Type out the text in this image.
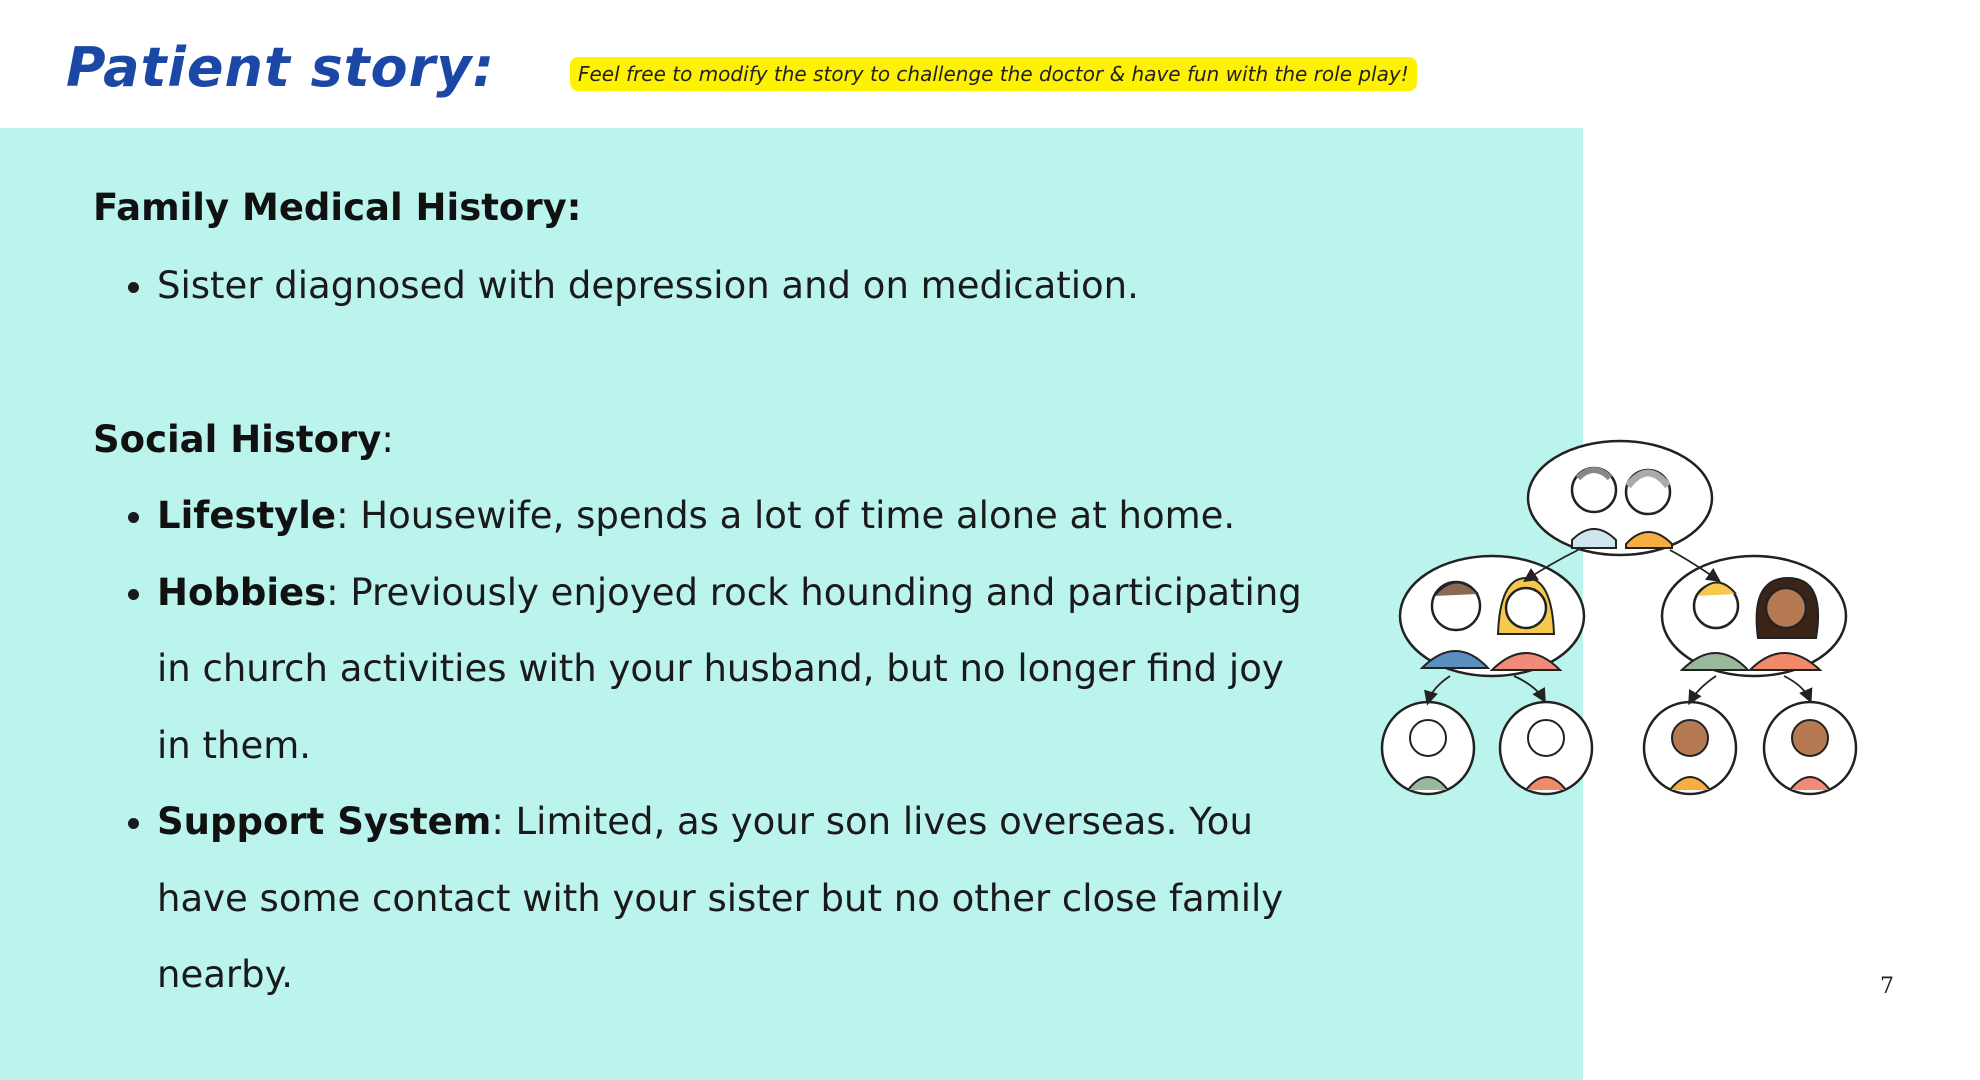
Patient story:	Feel free to modify the story to challenge the doctor & have fun with the role play!
Family Medical History:
• Sister diagnosed with depression and on medication.
Social History:
• Lifestyle: Housewife, spends a lot of time alone at home.
• Hobbies: Previously enjoyed rock hounding and participating in church activities with your husband, but no longer find joy in them.
• Support System: Limited, as your son lives overseas. You have some contact with your sister but no other close family nearby.	7
